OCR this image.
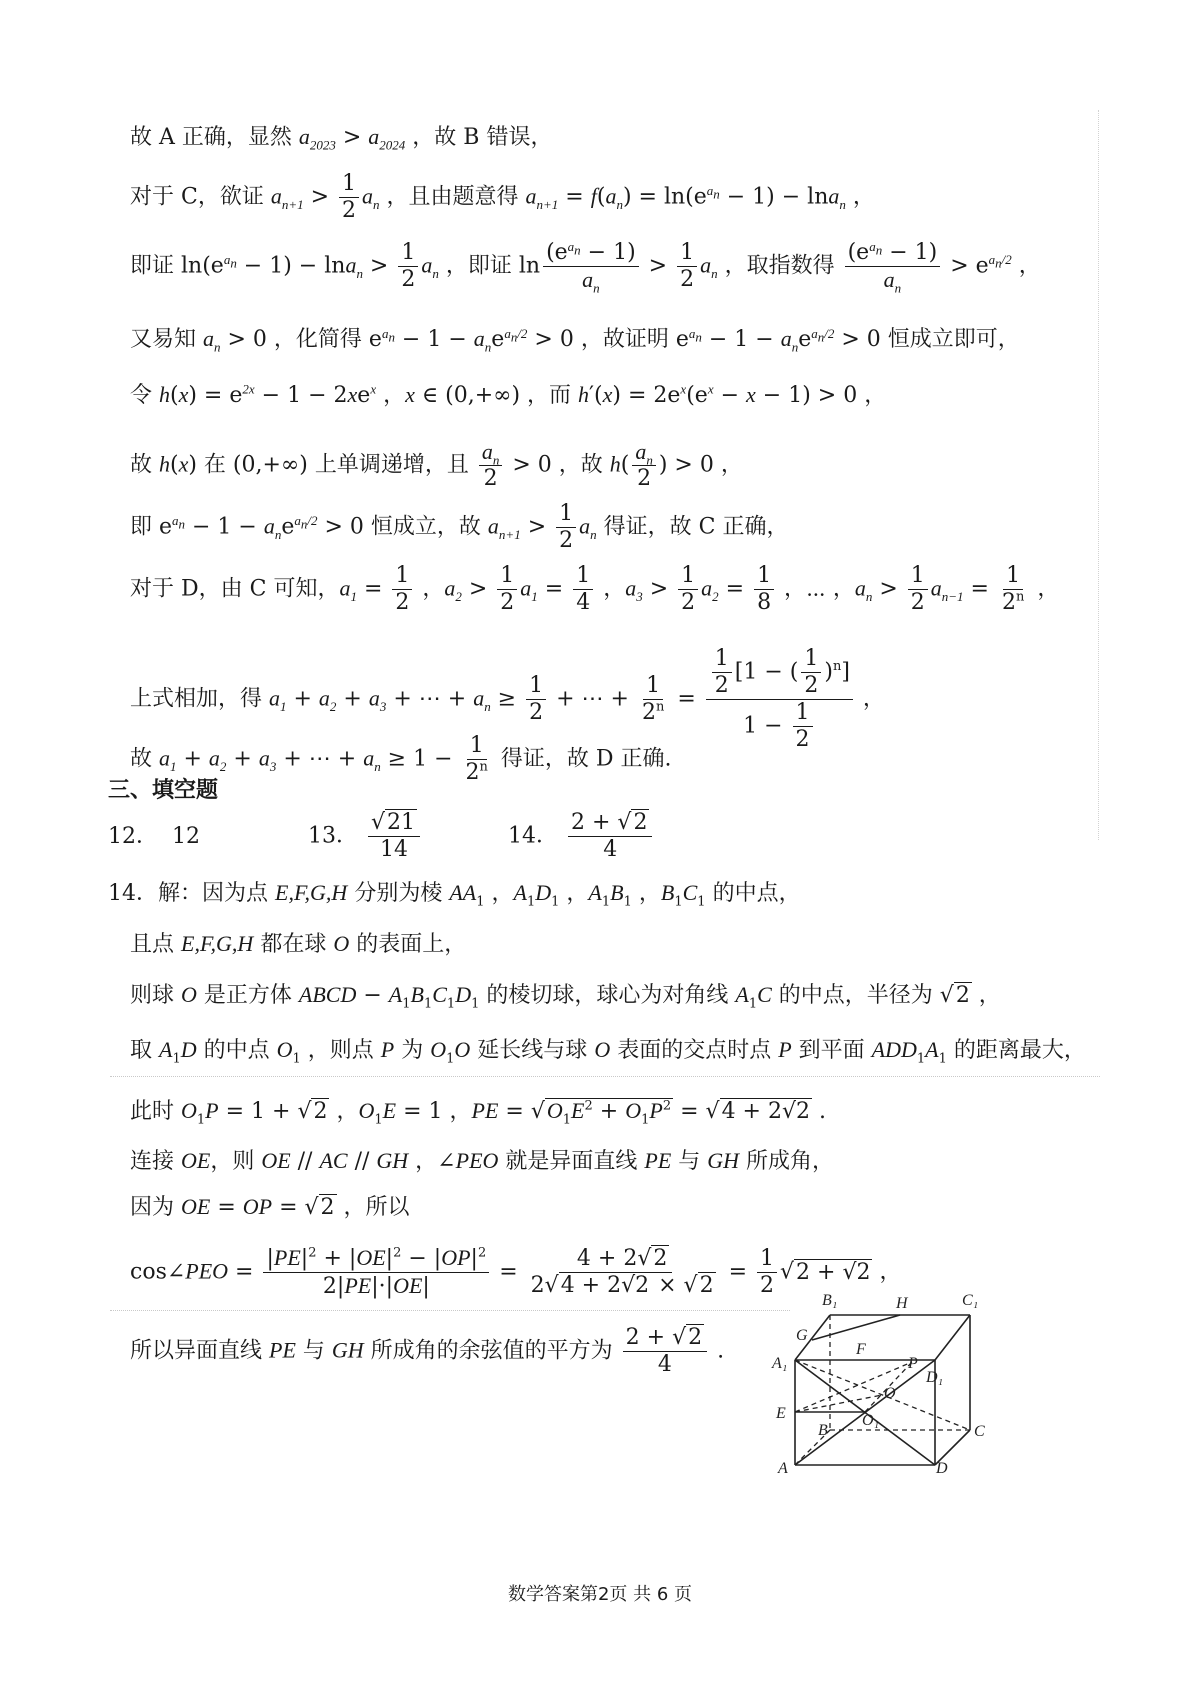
故 A 正确，显然 $a_{2023} > a_{2024}$ ，故 B 错误，
对于 C，欲证 $a_{n+1} > \frac{1}{2} a_n$ ，且由题意得 $a_{n+1} = f(a_n) = \ln(e^{a_n} - 1) - \ln a_n$ ，
即证 $\ln(e^{a_n} - 1) - \ln a_n > \frac{1}{2} a_n$ ，即证 $\ln \frac{(e^{a_n} - 1)}{a_n} > \frac{1}{2} a_n$ ，取指数得 $\frac{(e^{a_n} - 1)}{a_n} > e^{a_n/2}$ ，
又易知 $a_n > 0$ ，化简得 $e^{a_n} - 1 - a_ne^{a_n/2} > 0$ ，故证明 $e^{a_n} - 1 - a_ne^{a_n/2} > 0$ 恒成立即可，
令 $h(x) = e^{2x} - 1 - 2xe^x$ ，x ∈ (0,+∞) ，而 $h'(x) = 2e^x(e^x - x - 1) > 0$ ，
故 h(x) 在 (0,+∞) 上单调递增，且 $\frac{a_n}{2} > 0$ ，故 $h( \frac{a_n}{2}$ ) > 0 ，
即 $e^{a_n} - 1 - a_ne^{a_n/2} > 0$ 恒成立，故 $a_{n+1} > \frac{1}{2} a_n$ 得证，故 C 正确，
对于 D，由 C 可知，$a_1 = \frac{1}{2}$ ，$a_2 > \frac{1}{2} a_1 = \frac{1}{4}$ ，$a_3 > \frac{1}{2} a_2 = \frac{1}{8}$ ，⋯ ，$a_n > \frac{1}{2} a_{n-1} = \frac{1}{2^n}$ ，
上式相加，得 $a_1 + a_2 + a_3$ + ⋯ + $a_n \ge \frac{1}{2}$ + ⋯ + $\frac{1}{2^n} = \frac{\frac{1}{2} [1 - ( \frac{1}{2} )^n]}{1 - \frac{1}{2}}$ ，
故 $a_1 + a_2 + a_3$ + ⋯ + $a_n \ge 1 - \frac{1}{2^n}$ 得证，故 D 正确.
三、填空题
12．  12	13． $\frac{√21}{14}$	14． $\frac{2 + √2}{4}$
14．解：因为点 E,F,G,H 分别为棱 $AA_1$ ，$A_1D_1$ ，$A_1B_1$ ，$B_1C_1$ 的中点，
且点 E,F,G,H 都在球 O 的表面上，
则球 O 是正方体 ABCD − $A_1B_1C_1D_1$ 的棱切球，球心为对角线 $A_1C$ 的中点，半径为 √2 ，
取 $A_1D$ 的中点 $O_1$ ，则点 P 为 $O_1O$ 延长线与球 O 表面的交点时点 P 到平面 $ADD_1A_1$ 的距离最大，
此时 $O_1P = 1 + √2$ ，$O_1E = 1$ ，PE = $√O_1E^2 + O_1P^2 = √4 + 2√2$ .
连接 OE，则 OE // AC // GH ，∠PEO 就是异面直线 PE 与 GH 所成角，
因为 OE = OP = √2 ，所以
cos∠PEO = $\frac{|PE|^2 + |OE|^2 - |OP|^2}{2|PE|\cdot|OE|} = \frac{4 + 2√2}{2√4 + 2√2 \times √2} = \frac{1}{2} √2 + √2$ ，
所以异面直线 PE 与 GH 所成角的余弦值的平方为 $\frac{2 + √2}{4}$ .
B₁	H	C₁
G
A₁
F
D₁
P
O
E	O₁
B	C
A	D
数学答案第2页 共 6 页
